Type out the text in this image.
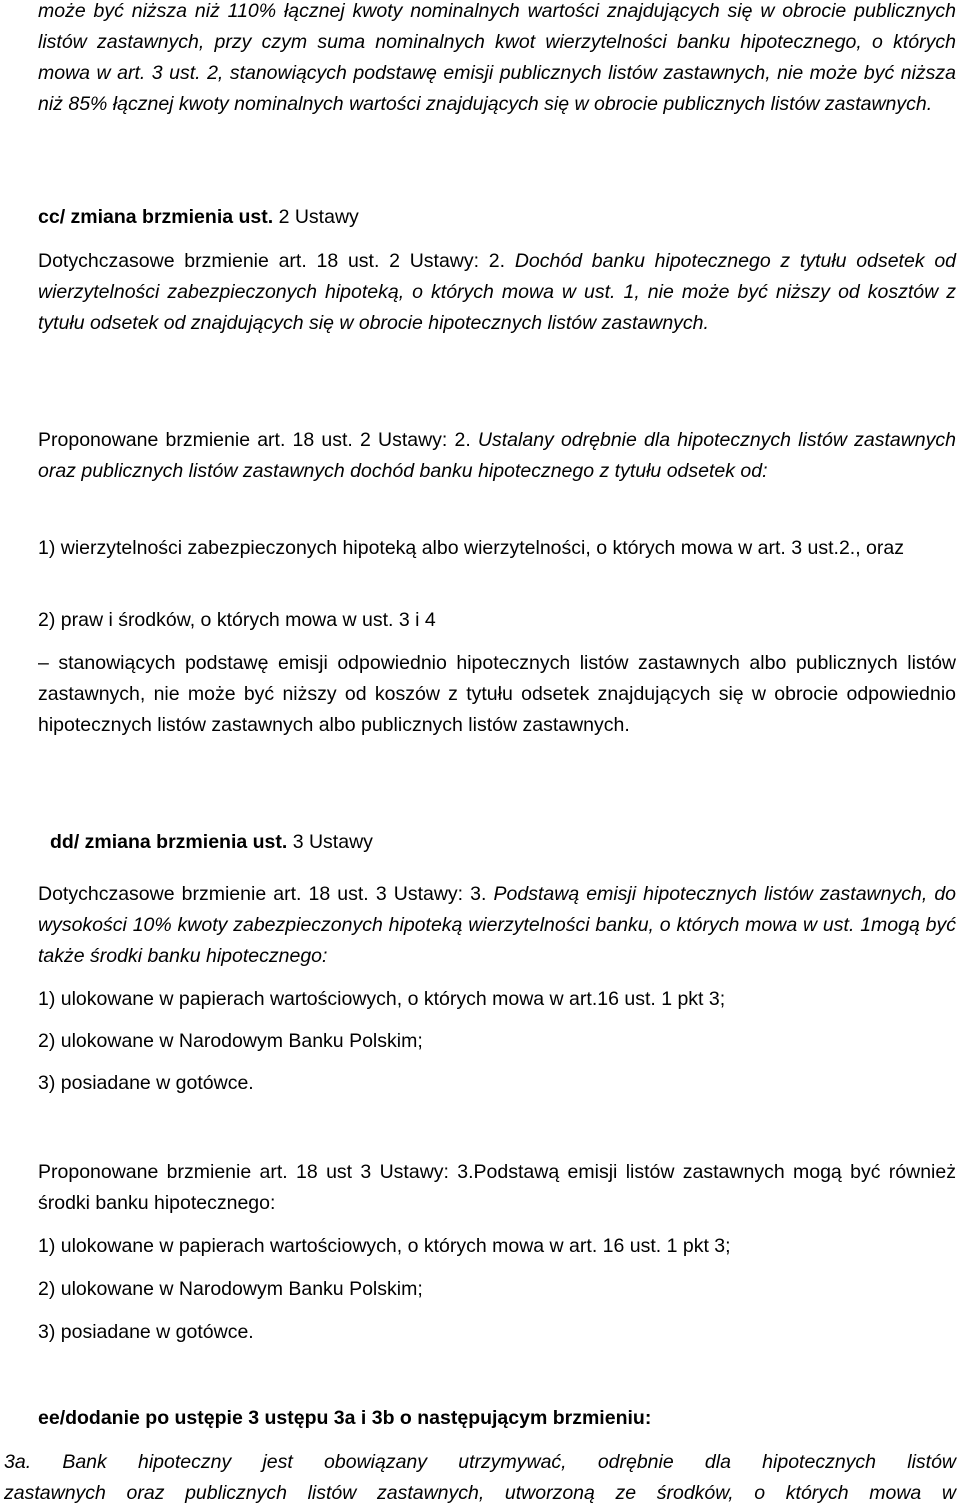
może być niższa niż 110% łącznej kwoty nominalnych wartości znajdujących się w obrocie publicznych listów zastawnych, przy czym suma nominalnych kwot wierzytelności banku hipotecznego, o których mowa w art. 3 ust. 2, stanowiących podstawę emisji publicznych listów zastawnych, nie może być niższa niż 85% łącznej kwoty nominalnych wartości znajdujących się w obrocie publicznych listów zastawnych.

cc/ zmiana brzmienia ust. 2 Ustawy

Dotychczasowe brzmienie art. 18 ust. 2 Ustawy: 2. Dochód banku hipotecznego z tytułu odsetek od wierzytelności zabezpieczonych hipoteką, o których mowa w ust. 1, nie może być niższy od kosztów z tytułu odsetek od znajdujących się w obrocie hipotecznych listów zastawnych.

Proponowane brzmienie art. 18 ust. 2 Ustawy: 2. Ustalany odrębnie dla hipotecznych listów zastawnych oraz publicznych listów zastawnych dochód banku hipotecznego z tytułu odsetek od:

1) wierzytelności zabezpieczonych hipoteką albo wierzytelności, o których mowa w art. 3 ust.2., oraz

2) praw i środków, o których mowa w ust. 3 i 4

– stanowiących podstawę emisji odpowiednio hipotecznych listów zastawnych albo publicznych listów zastawnych, nie może być niższy od koszów z tytułu odsetek znajdujących się w obrocie odpowiednio hipotecznych listów zastawnych albo publicznych listów zastawnych.

dd/ zmiana brzmienia ust. 3 Ustawy

Dotychczasowe brzmienie art. 18 ust. 3 Ustawy: 3. Podstawą emisji hipotecznych listów zastawnych, do wysokości 10% kwoty zabezpieczonych hipoteką wierzytelności banku, o których mowa w ust. 1mogą być także środki banku hipotecznego:

1) ulokowane w papierach wartościowych, o których mowa w art.16 ust. 1 pkt 3;

2) ulokowane w Narodowym Banku Polskim;

3) posiadane w gotówce.

Proponowane brzmienie art. 18 ust 3 Ustawy: 3.Podstawą emisji listów zastawnych mogą być również środki banku hipotecznego:

1) ulokowane w papierach wartościowych, o których mowa w art. 16 ust. 1 pkt 3;

2) ulokowane w Narodowym Banku Polskim;

3) posiadane w gotówce.

ee/dodanie po ustępie 3 ustępu 3a i 3b o następującym brzmieniu:

3a. Bank hipoteczny jest obowiązany utrzymywać, odrębnie dla hipotecznych listów

zastawnych oraz publicznych listów zastawnych, utworzoną ze środków, o których mowa w
